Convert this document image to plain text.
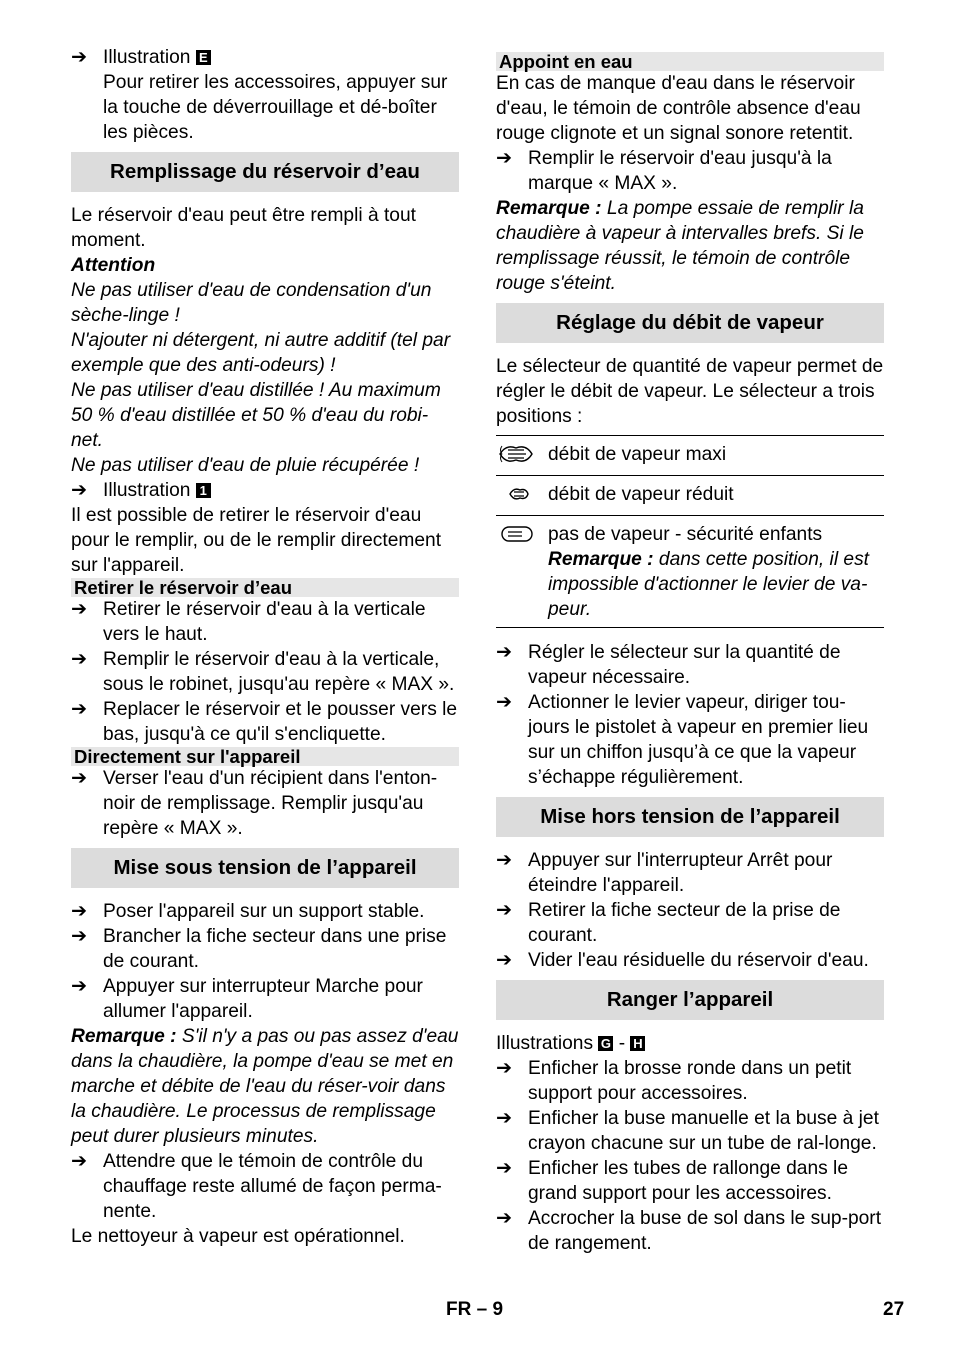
➔ Illustration E

Pour retirer les accessoires, appuyer sur la touche de déverrouillage et dé-boîter les pièces.

Remplissage du réservoir d’eau

Le réservoir d'eau peut être rempli à tout moment.

Attention

Ne pas utiliser d'eau de condensation d'un sèche-linge !

N'ajouter ni détergent, ni autre additif (tel par exemple que des anti-odeurs) !

Ne pas utiliser d'eau distillée ! Au maximum 50 % d'eau distillée et 50 % d'eau du robi-net.

Ne pas utiliser d'eau de pluie récupérée !

➔ Illustration 1

Il est possible de retirer le réservoir d'eau pour le remplir, ou de le remplir directement sur l'appareil.

Retirer le réservoir d’eau
➔ Retirer le réservoir d'eau à la verticale vers le haut.
➔ Remplir le réservoir d'eau à la verticale, sous le robinet, jusqu'au repère « MAX ».
➔ Replacer le réservoir et le pousser vers le bas, jusqu'à ce qu'il s'encliquette.
Directement sur l'appareil
➔ Verser l'eau d'un récipient dans l'enton-noir de remplissage. Remplir jusqu'au repère « MAX ».
Mise sous tension de l’appareil
➔ Poser l'appareil sur un support stable.
➔ Brancher la fiche secteur dans une prise de courant.
➔ Appuyer sur interrupteur Marche pour allumer l'appareil.

Remarque : S'il n'y a pas ou pas assez d'eau dans la chaudière, la pompe d'eau se met en marche et débite de l'eau du réser-voir dans la chaudière. Le processus de remplissage peut durer plusieurs minutes.

➔ Attendre que le témoin de contrôle du chauffage reste allumé de façon perma-nente.

Le nettoyeur à vapeur est opérationnel.

Appoint en eau

En cas de manque d'eau dans le réservoir d'eau, le témoin de contrôle absence d'eau rouge clignote et un signal sonore retentit.

➔ Remplir le réservoir d'eau jusqu'à la marque « MAX ».

Remarque : La pompe essaie de remplir la chaudière à vapeur à intervalles brefs. Si le remplissage réussit, le témoin de contrôle rouge s'éteint.

Réglage du débit de vapeur

Le sélecteur de quantité de vapeur permet de régler le débit de vapeur. Le sélecteur a trois positions :

	débit de vapeur maxi
	débit de vapeur réduit

pas de vapeur - sécurité enfants
Remarque : dans cette position, il est impossible d'actionner le levier de va-peur.
➔ Régler le sélecteur sur la quantité de vapeur nécessaire.
➔ Actionner le levier vapeur, diriger tou-jours le pistolet à vapeur en premier lieu sur un chiffon jusqu’à ce que la vapeur s’échappe régulièrement.
Mise hors tension de l’appareil
➔ Appuyer sur l'interrupteur Arrêt pour éteindre l'appareil.
➔ Retirer la fiche secteur de la prise de courant.
➔ Vider l'eau résiduelle du réservoir d'eau.
Ranger l’appareil

Illustrations G - H

➔ Enficher la brosse ronde dans un petit support pour accessoires.
➔ Enficher la buse manuelle et la buse à jet crayon chacune sur un tube de ral-longe.
➔ Enficher les tubes de rallonge dans le grand support pour les accessoires.
➔ Accrocher la buse de sol dans le sup-port de rangement.
FR – 9	27
